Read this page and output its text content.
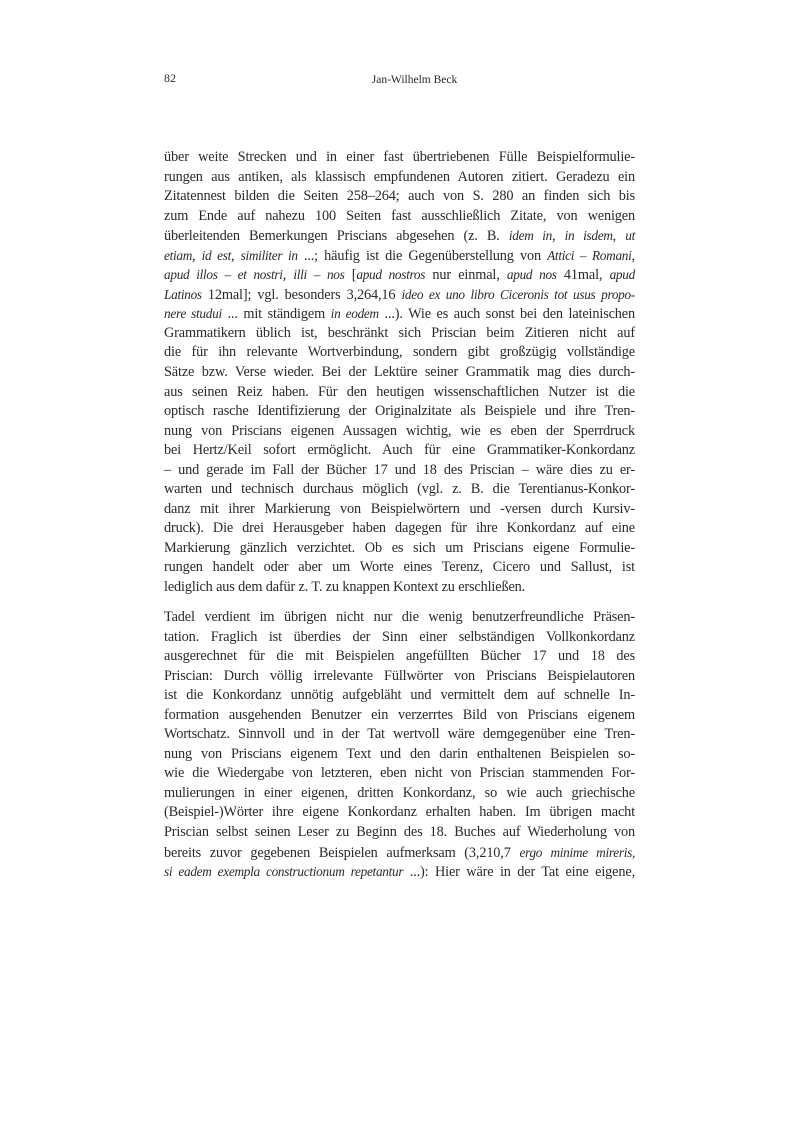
82	Jan-Wilhelm Beck
über weite Strecken und in einer fast übertriebenen Fülle Beispielformulie-
rungen aus antiken, als klassisch empfundenen Autoren zitiert. Geradezu ein
Zitatennest bilden die Seiten 258–264; auch von S. 280 an finden sich bis
zum Ende auf nahezu 100 Seiten fast ausschließlich Zitate, von wenigen
überleitenden Bemerkungen Priscians abgesehen (z. B. idem in, in isdem, ut
etiam, id est, similiter in ...; häufig ist die Gegenüberstellung von Attici – Romani,
apud illos – et nostri, illi – nos [apud nostros nur einmal, apud nos 41mal, apud
Latinos 12mal]; vgl. besonders 3,264,16 ideo ex uno libro Ciceronis tot usus propo-
nere studui ... mit ständigem in eodem ...). Wie es auch sonst bei den lateinischen
Grammatikern üblich ist, beschränkt sich Priscian beim Zitieren nicht auf
die für ihn relevante Wortverbindung, sondern gibt großzügig vollständige
Sätze bzw. Verse wieder. Bei der Lektüre seiner Grammatik mag dies durch-
aus seinen Reiz haben. Für den heutigen wissenschaftlichen Nutzer ist die
optisch rasche Identifizierung der Originalzitate als Beispiele und ihre Tren-
nung von Priscians eigenen Aussagen wichtig, wie es eben der Sperrdruck
bei Hertz/Keil sofort ermöglicht. Auch für eine Grammatiker-Konkordanz
– und gerade im Fall der Bücher 17 und 18 des Priscian – wäre dies zu er-
warten und technisch durchaus möglich (vgl. z. B. die Terentianus-Konkor-
danz mit ihrer Markierung von Beispielwörtern und -versen durch Kursiv-
druck). Die drei Herausgeber haben dagegen für ihre Konkordanz auf eine
Markierung gänzlich verzichtet. Ob es sich um Priscians eigene Formulie-
rungen handelt oder aber um Worte eines Terenz, Cicero und Sallust, ist
lediglich aus dem dafür z. T. zu knappen Kontext zu erschließen.
Tadel verdient im übrigen nicht nur die wenig benutzerfreundliche Präsen-
tation. Fraglich ist überdies der Sinn einer selbständigen Vollkonkordanz
ausgerechnet für die mit Beispielen angefüllten Bücher 17 und 18 des
Priscian: Durch völlig irrelevante Füllwörter von Priscians Beispielautoren
ist die Konkordanz unnötig aufgebläht und vermittelt dem auf schnelle In-
formation ausgehenden Benutzer ein verzerrtes Bild von Priscians eigenem
Wortschatz. Sinnvoll und in der Tat wertvoll wäre demgegenüber eine Tren-
nung von Priscians eigenem Text und den darin enthaltenen Beispielen so-
wie die Wiedergabe von letzteren, eben nicht von Priscian stammenden For-
mulierungen in einer eigenen, dritten Konkordanz, so wie auch griechische
(Beispiel-)Wörter ihre eigene Konkordanz erhalten haben. Im übrigen macht
Priscian selbst seinen Leser zu Beginn des 18. Buches auf Wiederholung von
bereits zuvor gegebenen Beispielen aufmerksam (3,210,7 ergo minime mireris,
si eadem exempla constructionum repetantur ...): Hier wäre in der Tat eine eigene,
